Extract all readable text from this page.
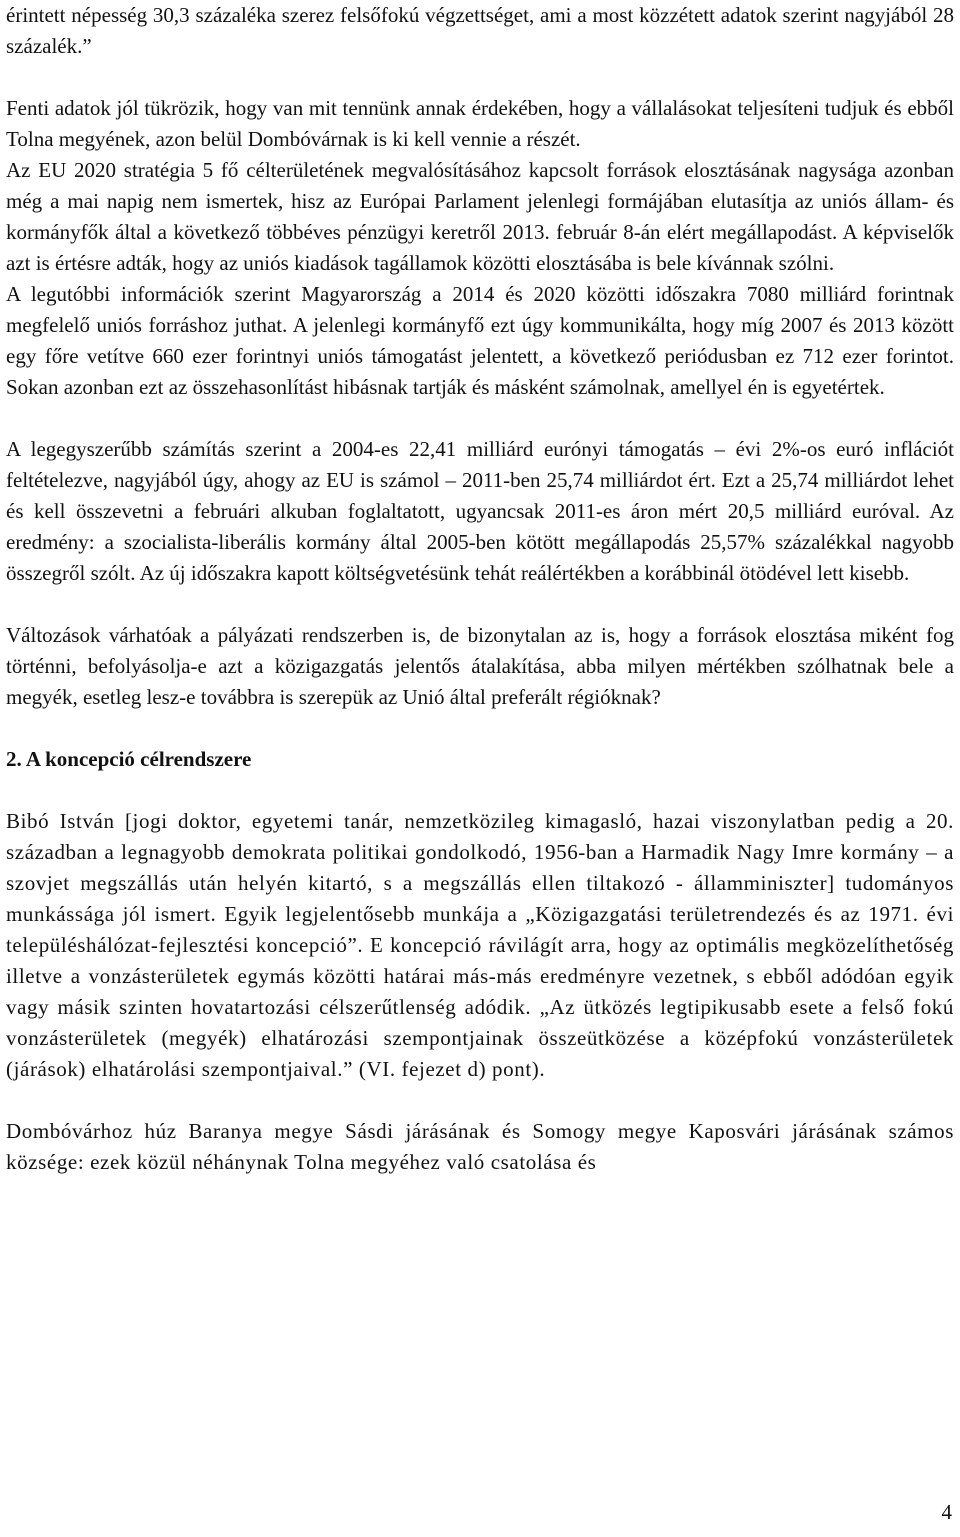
érintett népesség 30,3 százaléka szerez felsőfokú végzettséget, ami a most közzétett adatok szerint nagyjából 28 százalék.”

Fenti adatok jól tükrözik, hogy van mit tennünk annak érdekében, hogy a vállalásokat teljesíteni tudjuk és ebből Tolna megyének, azon belül Dombóvárnak is ki kell vennie a részét.

Az EU 2020 stratégia 5 fő célterületének megvalósításához kapcsolt források elosztásának nagysága azonban még a mai napig nem ismertek, hisz az Európai Parlament jelenlegi formájában elutasítja az uniós állam- és kormányfők által a következő többéves pénzügyi keretről 2013. február 8-án elért megállapodást. A képviselők azt is értésre adták, hogy az uniós kiadások tagállamok közötti elosztásába is bele kívánnak szólni.

A legutóbbi információk szerint Magyarország a 2014 és 2020 közötti időszakra 7080 milliárd forintnak megfelelő uniós forráshoz juthat. A jelenlegi kormányfő ezt úgy kommunikálta, hogy míg 2007 és 2013 között egy főre vetítve 660 ezer forintnyi uniós támogatást jelentett, a következő periódusban ez 712 ezer forintot. Sokan azonban ezt az összehasonlítást hibásnak tartják és másként számolnak, amellyel én is egyetértek.

A legegyszerűbb számítás szerint a 2004-es 22,41 milliárd eurónyi támogatás – évi 2%-os euró inflációt feltételezve, nagyjából úgy, ahogy az EU is számol – 2011-ben 25,74 milliárdot ért. Ezt a 25,74 milliárdot lehet és kell összevetni a februári alkuban foglaltatott, ugyancsak 2011-es áron mért 20,5 milliárd euróval. Az eredmény: a szocialista-liberális kormány által 2005-ben kötött megállapodás 25,57% százalékkal nagyobb összegről szólt. Az új időszakra kapott költségvetésünk tehát reálértékben a korábbinál ötödével lett kisebb.

Változások várhatóak a pályázati rendszerben is, de bizonytalan az is, hogy a források elosztása miként fog történni, befolyásolja-e azt a közigazgatás jelentős átalakítása, abba milyen mértékben szólhatnak bele a megyék, esetleg lesz-e továbbra is szerepük az Unió által preferált régióknak?

2. A koncepció célrendszere

Bibó István [jogi doktor, egyetemi tanár, nemzetközileg kimagasló, hazai viszonylatban pedig a 20. században a legnagyobb demokrata politikai gondolkodó, 1956-ban a Harmadik Nagy Imre kormány – a szovjet megszállás után helyén kitartó, s a megszállás ellen tiltakozó - államminiszter] tudományos munkássága jól ismert. Egyik legjelentősebb munkája a „Közigazgatási területrendezés és az 1971. évi településhálózat-fejlesztési koncepció”. E koncepció rávilágít arra, hogy az optimális megközelíthetőség illetve a vonzásterületek egymás közötti határai más-más eredményre vezetnek, s ebből adódóan egyik vagy másik szinten hovatartozási célszerűtlenség adódik. „Az ütközés legtipikusabb esete a felső fokú vonzásterületek (megyék) elhatározási szempontjainak összeütközése a középfokú vonzásterületek (járások) elhatárolási szempontjaival.” (VI. fejezet d) pont).

Dombóvárhoz húz Baranya megye Sásdi járásának és Somogy megye Kaposvári járásának számos községe: ezek közül néhánynak Tolna megyéhez való csatolása és

4
